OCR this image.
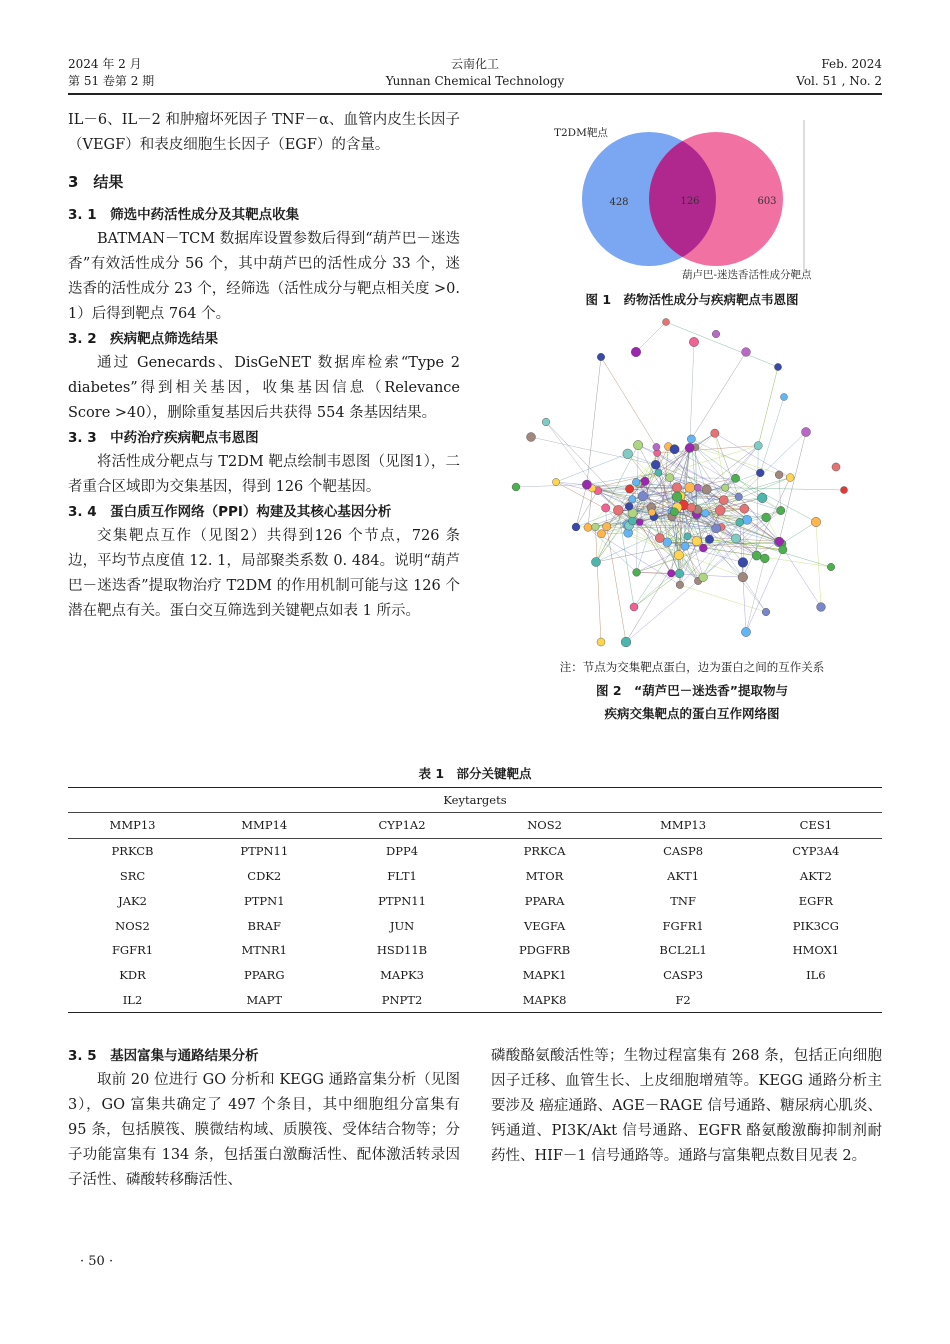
2024 年 2 月
第 51 卷第 2 期
云南化工
Yunnan Chemical Technology
Feb. 2024
Vol. 51 , No. 2

IL－6、IL－2 和肿瘤坏死因子 TNF－α、血管内皮生长因子（VEGF）和表皮细胞生长因子（EGF）的含量。

3　结果

3. 1　筛选中药活性成分及其靶点收集

BATMAN－TCM 数据库设置参数后得到“葫芦巴－迷迭香”有效活性成分 56 个，其中葫芦巴的活性成分 33 个，迷迭香的活性成分 23 个，经筛选（活性成分与靶点相关度 >0. 1）后得到靶点 764 个。

3. 2　疾病靶点筛选结果

通过 Genecards、DisGeNET 数据库检索“Type 2 diabetes”得到相关基因，收集基因信息（Relevance Score >40），删除重复基因后共获得 554 条基因结果。

3. 3　中药治疗疾病靶点韦恩图

将活性成分靶点与 T2DM 靶点绘制韦恩图（见图1），二者重合区域即为交集基因，得到 126 个靶基因。

3. 4　蛋白质互作网络（PPI）构建及其核心基因分析

交集靶点互作（见图2）共得到126 个节点，726 条边，平均节点度值 12. 1，局部聚类系数 0. 484。说明“葫芦巴－迷迭香”提取物治疗 T2DM 的作用机制可能与这 126 个潜在靶点有关。蛋白交互筛选到关键靶点如表 1 所示。

T2DM靶点
葫卢巴-迷迭香活性成分靶点
428	126	603
图 1　药物活性成分与疾病靶点韦恩图
注：节点为交集靶点蛋白，边为蛋白之间的互作关系
图 2　“葫芦巴－迷迭香”提取物与
疾病交集靶点的蛋白互作网络图
表 1　部分关键靶点
Keytargets					
MMP13	MMP14	CYP1A2	NOS2	MMP13	CES1
PRKCB	PTPN11	DPP4	PRKCA	CASP8	CYP3A4
SRC	CDK2	FLT1	MTOR	AKT1	AKT2
JAK2	PTPN1	PTPN11	PPARA	TNF	EGFR
NOS2	BRAF	JUN	VEGFA	FGFR1	PIK3CG
FGFR1	MTNR1	HSD11B	PDGFRB	BCL2L1	HMOX1
KDR	PPARG	MAPK3	MAPK1	CASP3	IL6
IL2	MAPT	PNPT2	MAPK8	F2	

3. 5　基因富集与通路结果分析

取前 20 位进行 GO 分析和 KEGG 通路富集分析（见图3），GO 富集共确定了 497 个条目，其中细胞组分富集有 95 条，包括膜筏、膜微结构域、质膜筏、受体结合物等；分子功能富集有 134 条，包括蛋白激酶活性、配体激活转录因子活性、磷酸转移酶活性、

磷酸酪氨酸活性等；生物过程富集有 268 条，包括正向细胞因子迁移、血管生长、上皮细胞增殖等。KEGG 通路分析主要涉及 癌症通路、AGE－RAGE 信号通路、糖尿病心肌炎、钙通道、PI3K/Akt 信号通路、EGFR 酪氨酸激酶抑制剂耐药性、HIF－1 信号通路等。通路与富集靶点数目见表 2。

· 50 ·
